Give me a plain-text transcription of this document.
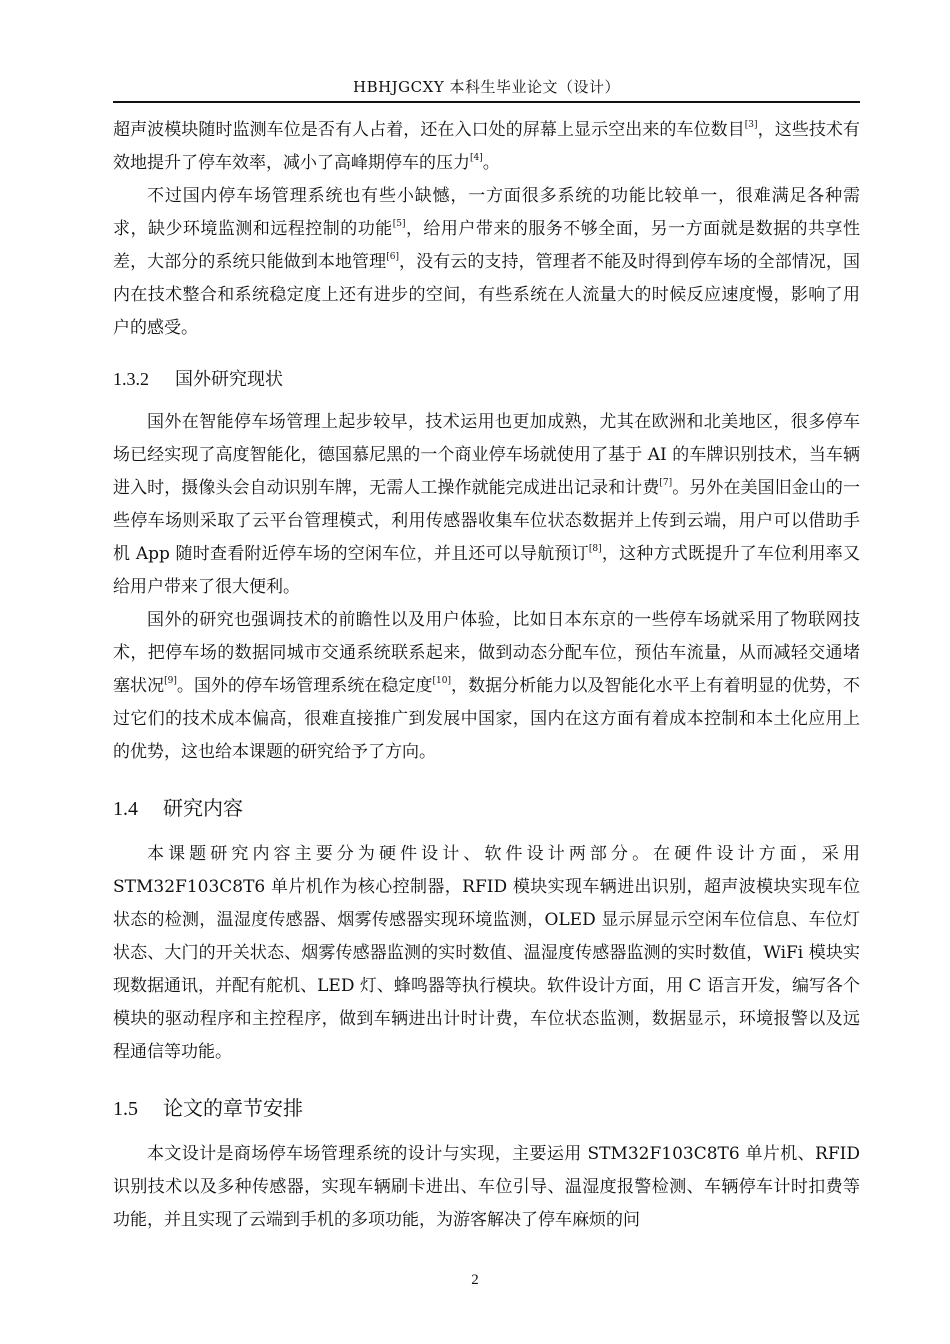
HBHJGCXY 本科生毕业论文（设计）

超声波模块随时监测车位是否有人占着，还在入口处的屏幕上显示空出来的车位数目[3]，这些技术有效地提升了停车效率，减小了高峰期停车的压力[4]。

不过国内停车场管理系统也有些小缺憾，一方面很多系统的功能比较单一，很难满足各种需求，缺少环境监测和远程控制的功能[5]，给用户带来的服务不够全面，另一方面就是数据的共享性差，大部分的系统只能做到本地管理[6]，没有云的支持，管理者不能及时得到停车场的全部情况，国内在技术整合和系统稳定度上还有进步的空间，有些系统在人流量大的时候反应速度慢，影响了用户的感受。

1.3.2 国外研究现状

国外在智能停车场管理上起步较早，技术运用也更加成熟，尤其在欧洲和北美地区，很多停车场已经实现了高度智能化，德国慕尼黑的一个商业停车场就使用了基于 AI 的车牌识别技术，当车辆进入时，摄像头会自动识别车牌，无需人工操作就能完成进出记录和计费[7]。另外在美国旧金山的一些停车场则采取了云平台管理模式，利用传感器收集车位状态数据并上传到云端，用户可以借助手机 App 随时查看附近停车场的空闲车位，并且还可以导航预订[8]，这种方式既提升了车位利用率又给用户带来了很大便利。

国外的研究也强调技术的前瞻性以及用户体验，比如日本东京的一些停车场就采用了物联网技术，把停车场的数据同城市交通系统联系起来，做到动态分配车位，预估车流量，从而减轻交通堵塞状况[9]。国外的停车场管理系统在稳定度[10]，数据分析能力以及智能化水平上有着明显的优势，不过它们的技术成本偏高，很难直接推广到发展中国家，国内在这方面有着成本控制和本土化应用上的优势，这也给本课题的研究给予了方向。

1.4 研究内容

本课题研究内容主要分为硬件设计、软件设计两部分。在硬件设计方面，采用 STM32F103C8T6 单片机作为核心控制器，RFID 模块实现车辆进出识别，超声波模块实现车位状态的检测，温湿度传感器、烟雾传感器实现环境监测，OLED 显示屏显示空闲车位信息、车位灯状态、大门的开关状态、烟雾传感器监测的实时数值、温湿度传感器监测的实时数值，WiFi 模块实现数据通讯，并配有舵机、LED 灯、蜂鸣器等执行模块。软件设计方面，用 C 语言开发，编写各个模块的驱动程序和主控程序，做到车辆进出计时计费，车位状态监测，数据显示，环境报警以及远程通信等功能。

1.5 论文的章节安排

本文设计是商场停车场管理系统的设计与实现，主要运用 STM32F103C8T6 单片机、RFID 识别技术以及多种传感器，实现车辆刷卡进出、车位引导、温湿度报警检测、车辆停车计时扣费等功能，并且实现了云端到手机的多项功能，为游客解决了停车麻烦的问

2
